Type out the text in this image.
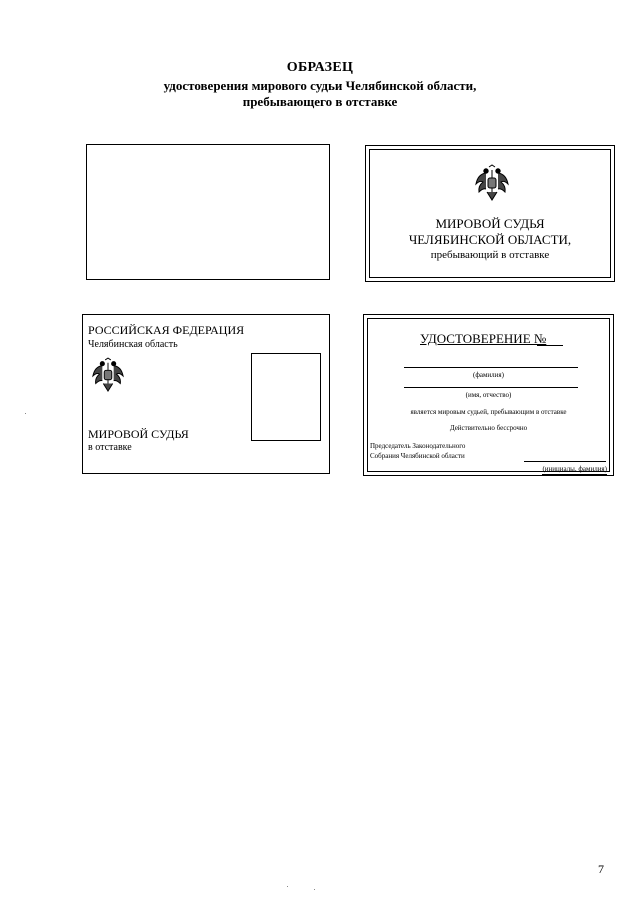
ОБРАЗЕЦ
удостоверения мирового судьи Челябинской области,
пребывающего в отставке
МИРОВОЙ СУДЬЯ
ЧЕЛЯБИНСКОЙ ОБЛАСТИ,
пребывающий в отставке
РОССИЙСКАЯ ФЕДЕРАЦИЯ
Челябинская область
МИРОВОЙ СУДЬЯ
в отставке
УДОСТОВЕРЕНИЕ №
(фамилия)
(имя, отчество)
является мировым судьей, пребывающим в отставке
Действительно бессрочно
Председатель Законодательного
Собрания Челябинской области
(инициалы, фамилия)
7
